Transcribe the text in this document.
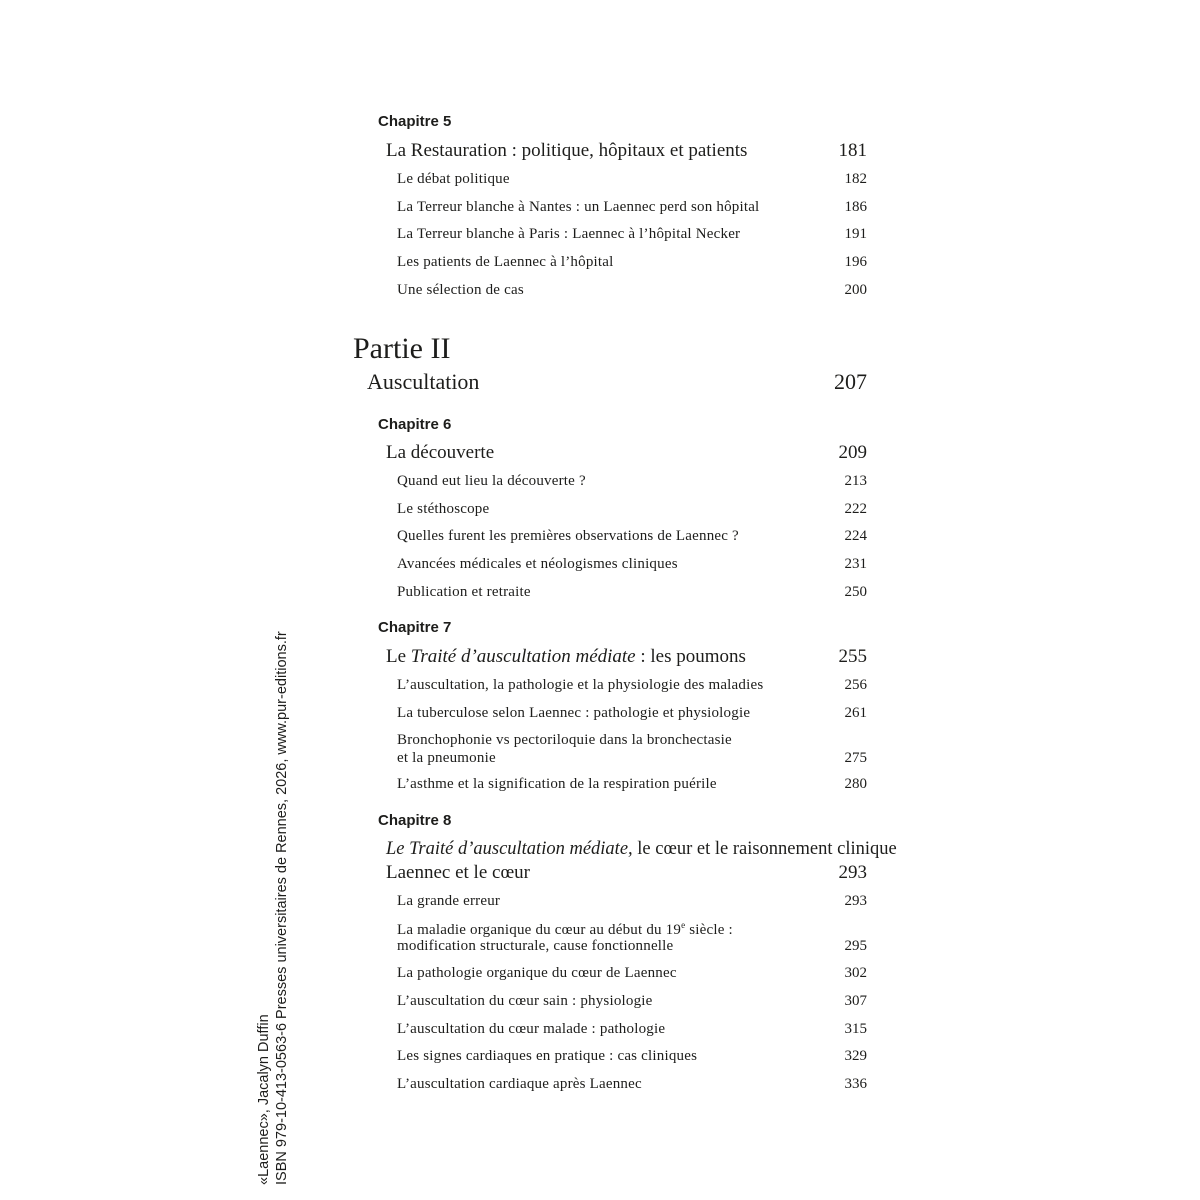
Chapitre 5
La Restauration : politique, hôpitaux et patients	181
Le débat politique	182
La Terreur blanche à Nantes : un Laennec perd son hôpital	186
La Terreur blanche à Paris : Laennec à l’hôpital Necker	191
Les patients de Laennec à l’hôpital	196
Une sélection de cas	200
Partie II
Auscultation	207
Chapitre 6
La découverte	209
Quand eut lieu la découverte ?	213
Le stéthoscope	222
Quelles furent les premières observations de Laennec ?	224
Avancées médicales et néologismes cliniques	231
Publication et retraite	250
Chapitre 7
Le Traité d’auscultation médiate : les poumons	255
L’auscultation, la pathologie et la physiologie des maladies	256
La tuberculose selon Laennec : pathologie et physiologie	261
Bronchophonie vs pectoriloquie dans la bronchectasie
et la pneumonie	275
L’asthme et la signification de la respiration puérile	280
Chapitre 8
Le Traité d’auscultation médiate, le cœur et le raisonnement clinique
Laennec et le cœur	293
La grande erreur	293
La maladie organique du cœur au début du 19e siècle :
modification structurale, cause fonctionnelle	295
La pathologie organique du cœur de Laennec	302
L’auscultation du cœur sain : physiologie	307
L’auscultation du cœur malade : pathologie	315
Les signes cardiaques en pratique : cas cliniques	329
L’auscultation cardiaque après Laennec	336
«Laennec», Jacalyn Duffin ISBN 979-10-413-0563-6 Presses universitaires de Rennes, 2026, www.pur-editions.fr
